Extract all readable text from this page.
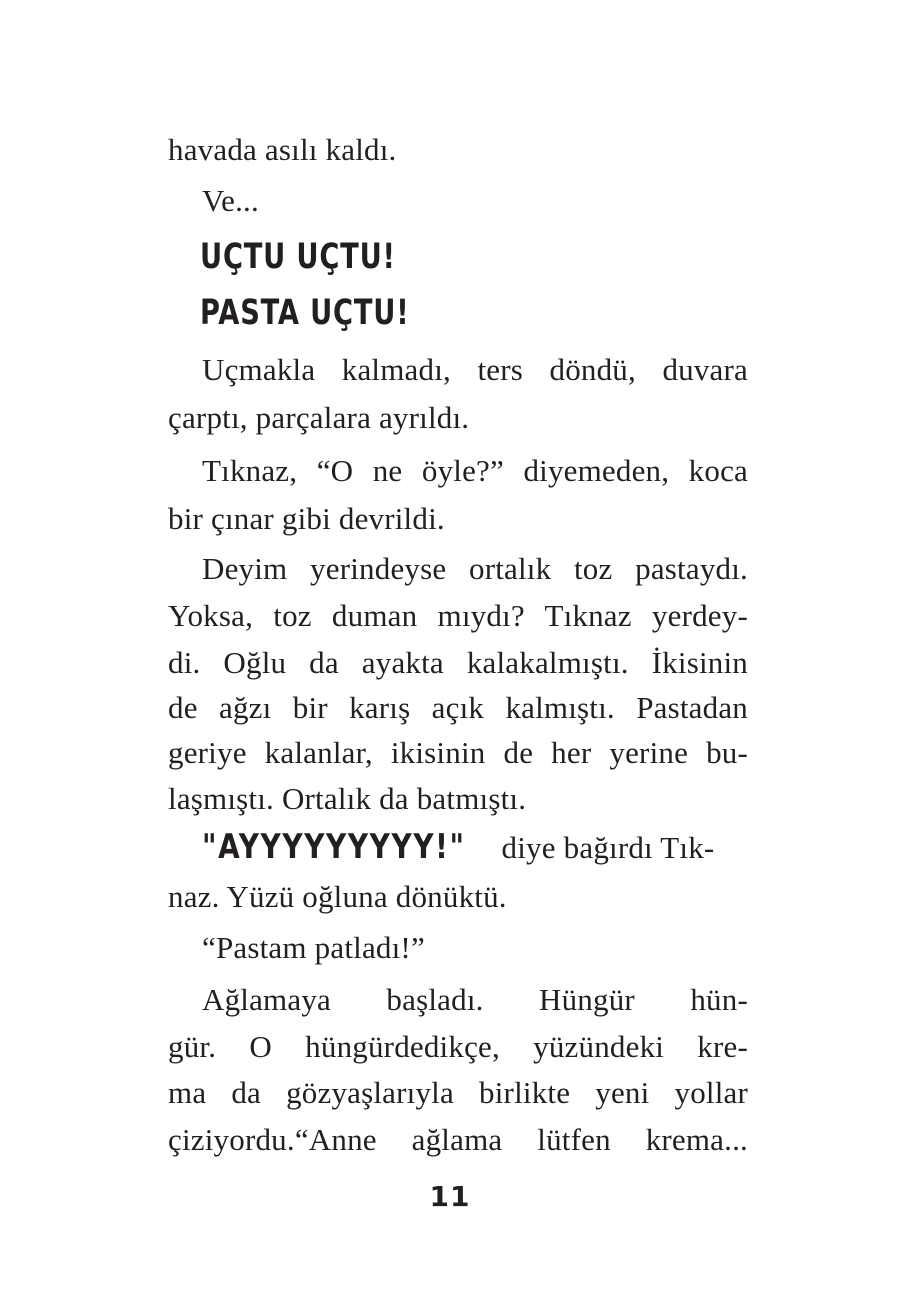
havada asılı kaldı.
Ve...
UÇTU UÇTU!
PASTA UÇTU!
Uçmakla kalmadı, ters döndü, duvara
çarptı, parçalara ayrıldı.
Tıknaz, “O ne öyle?” diyemeden, koca
bir çınar gibi devrildi.
Deyim yerindeyse ortalık toz pastaydı.
Yoksa, toz duman mıydı? Tıknaz yerdey-
di. Oğlu da ayakta kalakalmıştı. İkisinin
de ağzı bir karış açık kalmıştı. Pastadan
geriye kalanlar, ikisinin de her yerine bu-
laşmıştı. Ortalık da batmıştı.
"AYYYYYYYYY!" diye bağırdı Tık-
naz. Yüzü oğluna dönüktü.
“Pastam patladı!”
Ağlamaya başladı. Hüngür hün-
gür. O hüngürdedikçe, yüzündeki kre-
ma da gözyaşlarıyla birlikte yeni yollar
çiziyordu.“Anne ağlama lütfen krema...
11
